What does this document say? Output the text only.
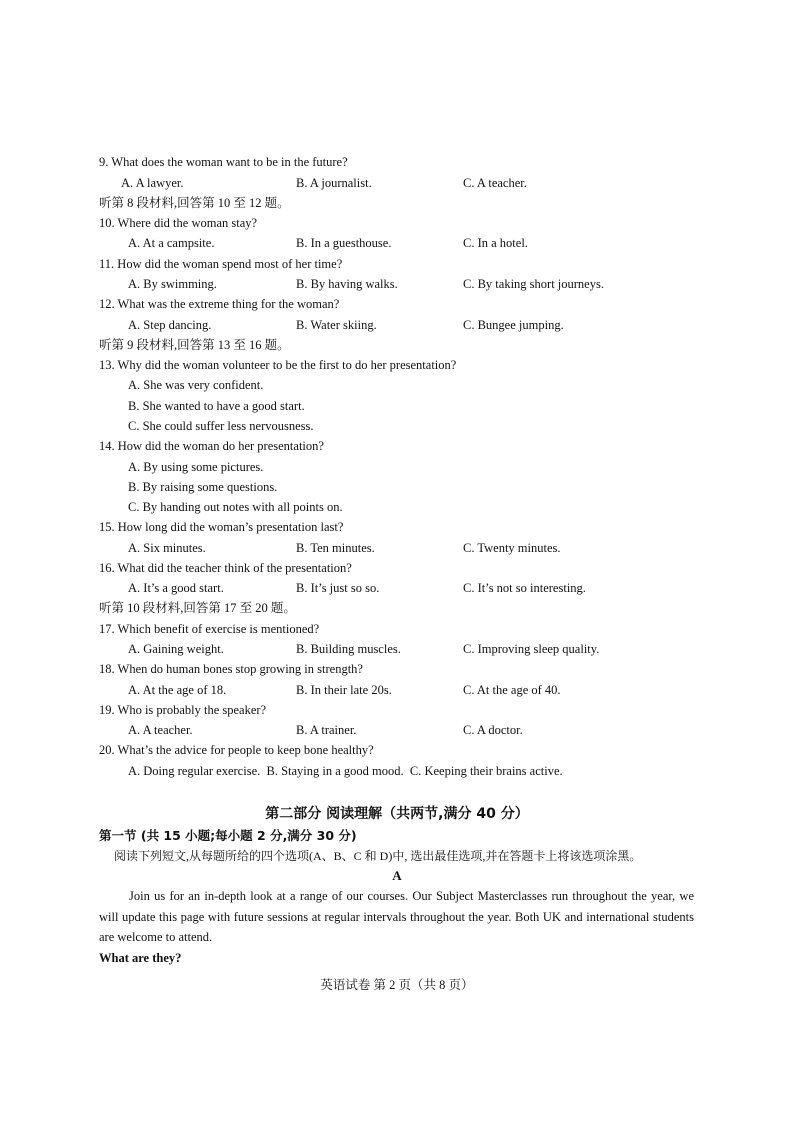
9. What does the woman want to be in the future?
A. A lawyer.	B. A journalist.	C. A teacher.
听第 8 段材料,回答第 10 至 12 题。
10. Where did the woman stay?
A. At a campsite.	B. In a guesthouse.	C. In a hotel.
11. How did the woman spend most of her time?
A. By swimming.	B. By having walks.	C. By taking short journeys.
12. What was the extreme thing for the woman?
A. Step dancing.	B. Water skiing.	C. Bungee jumping.
听第 9 段材料,回答第 13 至 16 题。
13. Why did the woman volunteer to be the first to do her presentation?
A. She was very confident.
B. She wanted to have a good start.
C. She could suffer less nervousness.
14. How did the woman do her presentation?
A. By using some pictures.
B. By raising some questions.
C. By handing out notes with all points on.
15. How long did the woman’s presentation last?
A. Six minutes.	B. Ten minutes.	C. Twenty minutes.
16. What did the teacher think of the presentation?
A. It’s a good start.	B. It’s just so so.	C. It’s not so interesting.
听第 10 段材料,回答第 17 至 20 题。
17. Which benefit of exercise is mentioned?
A. Gaining weight.	B. Building muscles.	C. Improving sleep quality.
18. When do human bones stop growing in strength?
A. At the age of 18.	B. In their late 20s.	C. At the age of 40.
19. Who is probably the speaker?
A. A teacher.	B. A trainer.	C. A doctor.
20. What’s the advice for people to keep bone healthy?
A. Doing regular exercise.  B. Staying in a good mood.  C. Keeping their brains active.
第二部分 阅读理解（共两节,满分 40 分）
第一节 (共 15 小题;每小题 2 分,满分 30 分)
阅读下列短文,从每题所给的四个选项(A、B、C 和 D)中, 选出最佳选项,并在答题卡上将该选项涂黑。
A
Join us for an in-depth look at a range of our courses. Our Subject Masterclasses run throughout the year, we will update this page with future sessions at regular intervals throughout the year. Both UK and international students are welcome to attend.
What are they?
英语试卷 第 2 页（共 8 页）
